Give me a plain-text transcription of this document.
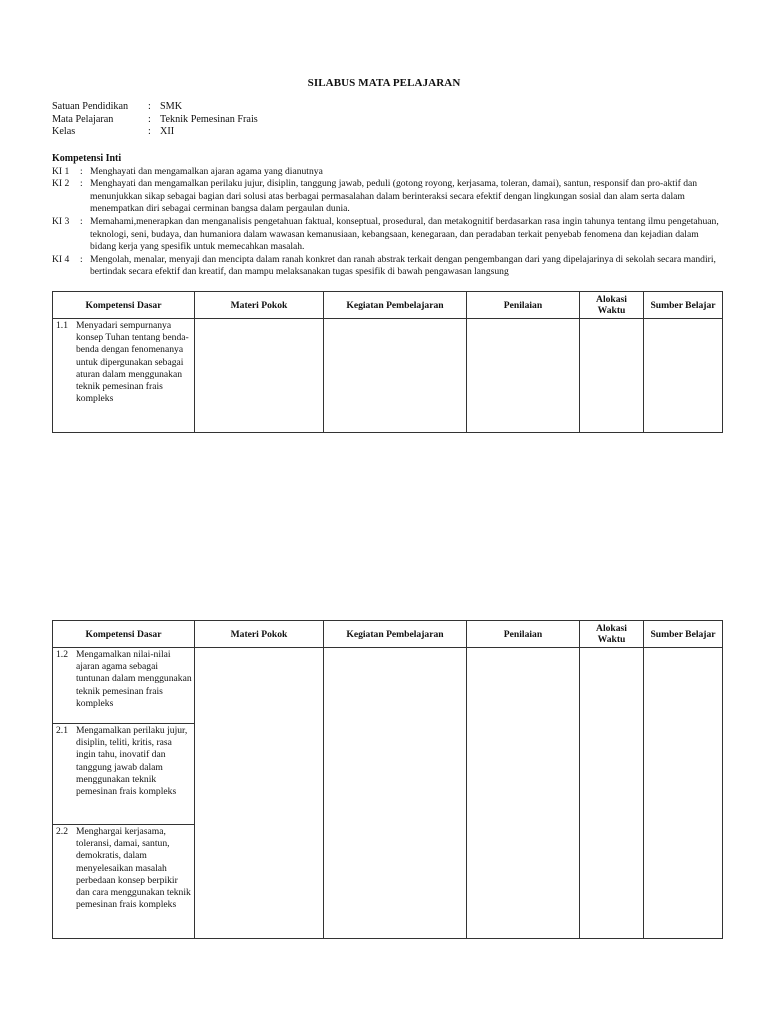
SILABUS MATA PELAJARAN
Satuan Pendidikan	: SMK
Mata Pelajaran	: Teknik Pemesinan Frais
Kelas	: XII
Kompetensi Inti
KI 1	: Menghayati dan mengamalkan ajaran agama yang dianutnya
KI 2	: Menghayati dan mengamalkan perilaku jujur, disiplin, tanggung jawab, peduli (gotong royong, kerjasama, toleran, damai), santun, responsif dan pro-aktif dan menunjukkan sikap sebagai bagian dari solusi atas berbagai permasalahan dalam berinteraksi secara efektif dengan lingkungan sosial dan alam serta dalam menempatkan diri sebagai cerminan bangsa dalam pergaulan dunia.
KI 3	: Memahami,menerapkan dan menganalisis pengetahuan faktual, konseptual, prosedural, dan metakognitif berdasarkan rasa ingin tahunya tentang ilmu pengetahuan, teknologi, seni, budaya, dan humaniora dalam wawasan kemanusiaan, kebangsaan, kenegaraan, dan peradaban terkait penyebab fenomena dan kejadian dalam bidang kerja yang spesifik untuk memecahkan masalah.
KI 4	: Mengolah, menalar, menyaji dan mencipta dalam ranah konkret dan ranah abstrak terkait dengan pengembangan dari yang dipelajarinya di sekolah secara mandiri, bertindak secara efektif dan kreatif, dan mampu melaksanakan tugas spesifik di bawah pengawasan langsung
Kompetensi Dasar	Materi Pokok	Kegiatan Pembelajaran	Penilaian	Alokasi Waktu	Sumber Belajar

1.1 Menyadari sempurnanya konsep Tuhan tentang benda-benda dengan fenomenanya untuk dipergunakan sebagai aturan dalam menggunakan teknik pemesinan frais kompleks					

Kompetensi Dasar	Materi Pokok	Kegiatan Pembelajaran	Penilaian	Alokasi Waktu	Sumber Belajar

1.2 Mengamalkan nilai-nilai ajaran agama sebagai tuntunan dalam menggunakan teknik pemesinan frais kompleks					

2.1 Mengamalkan perilaku jujur, disiplin, teliti, kritis, rasa ingin tahu, inovatif dan tanggung jawab dalam menggunakan teknik pemesinan frais kompleks					

2.2 Menghargai kerjasama, toleransi, damai, santun, demokratis, dalam menyelesaikan masalah perbedaan konsep berpikir dan cara menggunakan teknik pemesinan frais kompleks					
